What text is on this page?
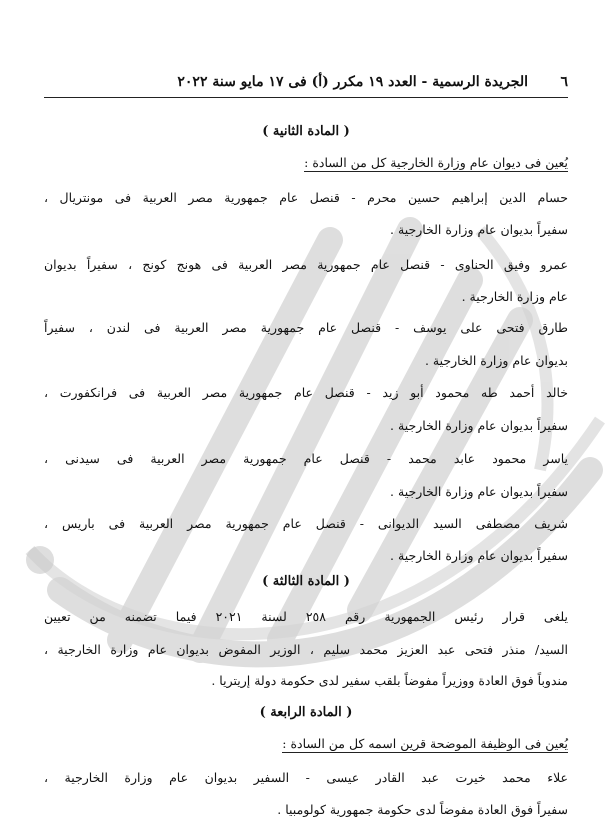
٦
الجريدة الرسمية - العدد ١٩ مكرر (أ) فى ١٧ مايو سنة ٢٠٢٢
( المادة الثانية )
يُعين فى ديوان عام وزارة الخارجية كل من السادة :
حسام الدين إبراهيم حسين محرم - قنصل عام جمهورية مصر العربية فى مونتريال ،
سفيراً بديوان عام وزارة الخارجية .
عمرو وفيق الحناوى - قنصل عام جمهورية مصر العربية فى هونج كونج ، سفيراً بديوان
عام وزارة الخارجية .
طارق فتحى على يوسف - قنصل عام جمهورية مصر العربية فى لندن ، سفيراً
بديوان عام وزارة الخارجية .
خالد أحمد طه محمود أبو زيد - قنصل عام جمهورية مصر العربية فى فرانكفورت ،
سفيراً بديوان عام وزارة الخارجية .
ياسر محمود عابد محمد - قنصل عام جمهورية مصر العربية فى سيدنى ،
سفيراً بديوان عام وزارة الخارجية .
شريف مصطفى السيد الديوانى - قنصل عام جمهورية مصر العربية فى باريس ،
سفيراً بديوان عام وزارة الخارجية .
( المادة الثالثة )
يلغى قرار رئيس الجمهورية رقم ٢٥٨ لسنة ٢٠٢١ فيما تضمنه من تعيين
السيد/ منذر فتحى عبد العزيز محمد سليم ، الوزير المفوض بديوان عام وزارة الخارجية ،
مندوباً فوق العادة ووزيراً مفوضاً بلقب سفير لدى حكومة دولة إريتريا .
( المادة الرابعة )
يُعين فى الوظيفة الموضحة قرين اسمه كل من السادة :
علاء محمد خيرت عبد القادر عيسى - السفير بديوان عام وزارة الخارجية ،
سفيراً فوق العادة مفوضاً لدى حكومة جمهورية كولومبيا .
